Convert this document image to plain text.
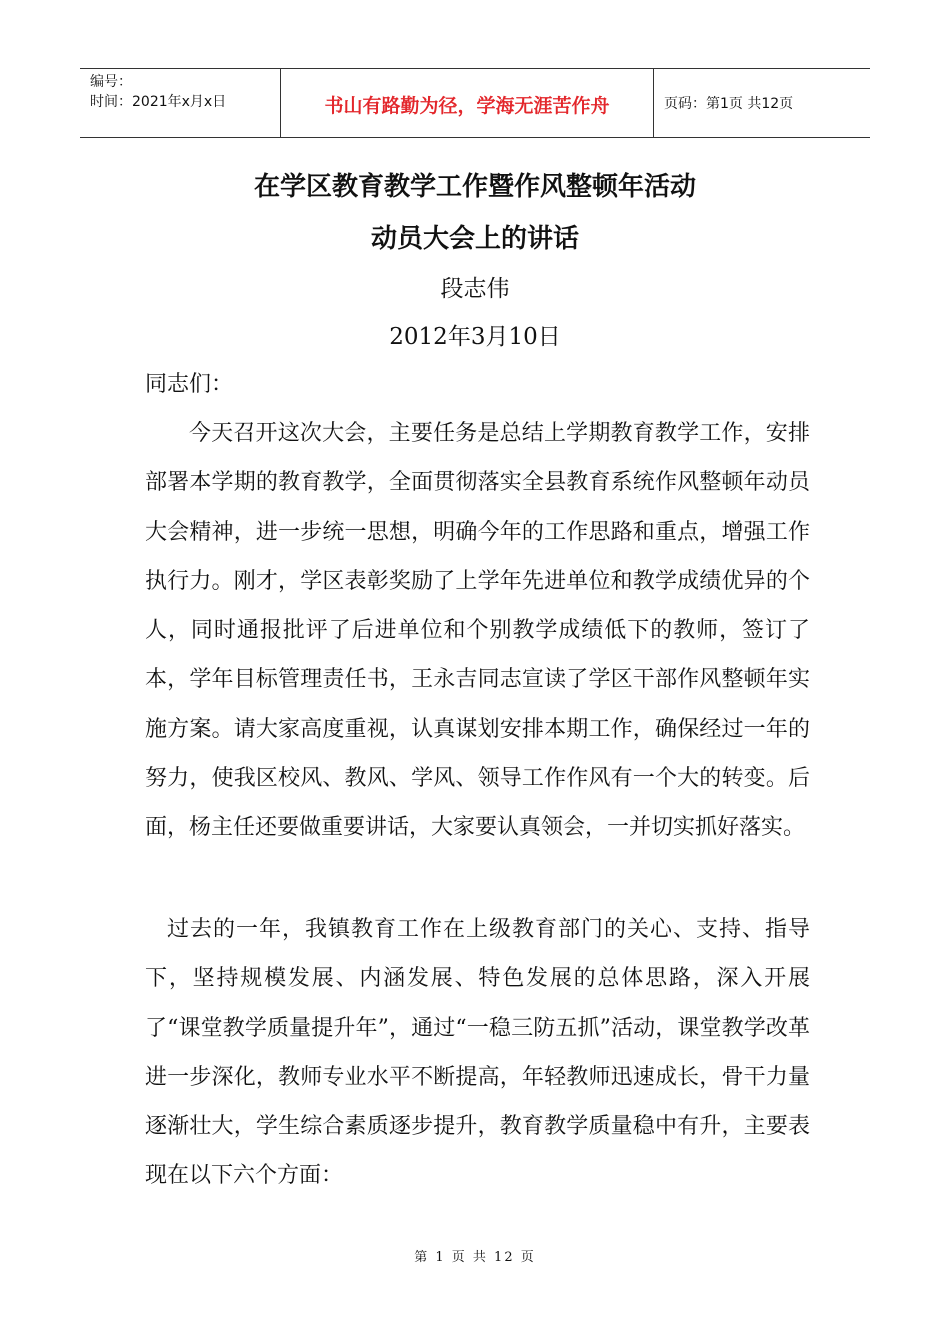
编号：
时间：2021年x月x日	书山有路勤为径，学海无涯苦作舟	页码：第1页 共12页
在学区教育教学工作暨作风整顿年活动
动员大会上的讲话
段志伟
2012年3月10日
同志们：
今天召开这次大会，主要任务是总结上学期教育教学工作，安排部署本学期的教育教学，全面贯彻落实全县教育系统作风整顿年动员大会精神，进一步统一思想，明确今年的工作思路和重点，增强工作执行力。刚才，学区表彰奖励了上学年先进单位和教学成绩优异的个人，同时通报批评了后进单位和个别教学成绩低下的教师，签订了本，学年目标管理责任书，王永吉同志宣读了学区干部作风整顿年实施方案。请大家高度重视，认真谋划安排本期工作，确保经过一年的努力，使我区校风、教风、学风、领导工作作风有一个大的转变。后面，杨主任还要做重要讲话，大家要认真领会，一并切实抓好落实。
过去的一年，我镇教育工作在上级教育部门的关心、支持、指导下，坚持规模发展、内涵发展、特色发展的总体思路，深入开展了“课堂教学质量提升年”，通过“一稳三防五抓”活动，课堂教学改革进一步深化，教师专业水平不断提高，年轻教师迅速成长，骨干力量逐渐壮大，学生综合素质逐步提升，教育教学质量稳中有升，主要表现在以下六个方面：
第 1 页 共 12 页
